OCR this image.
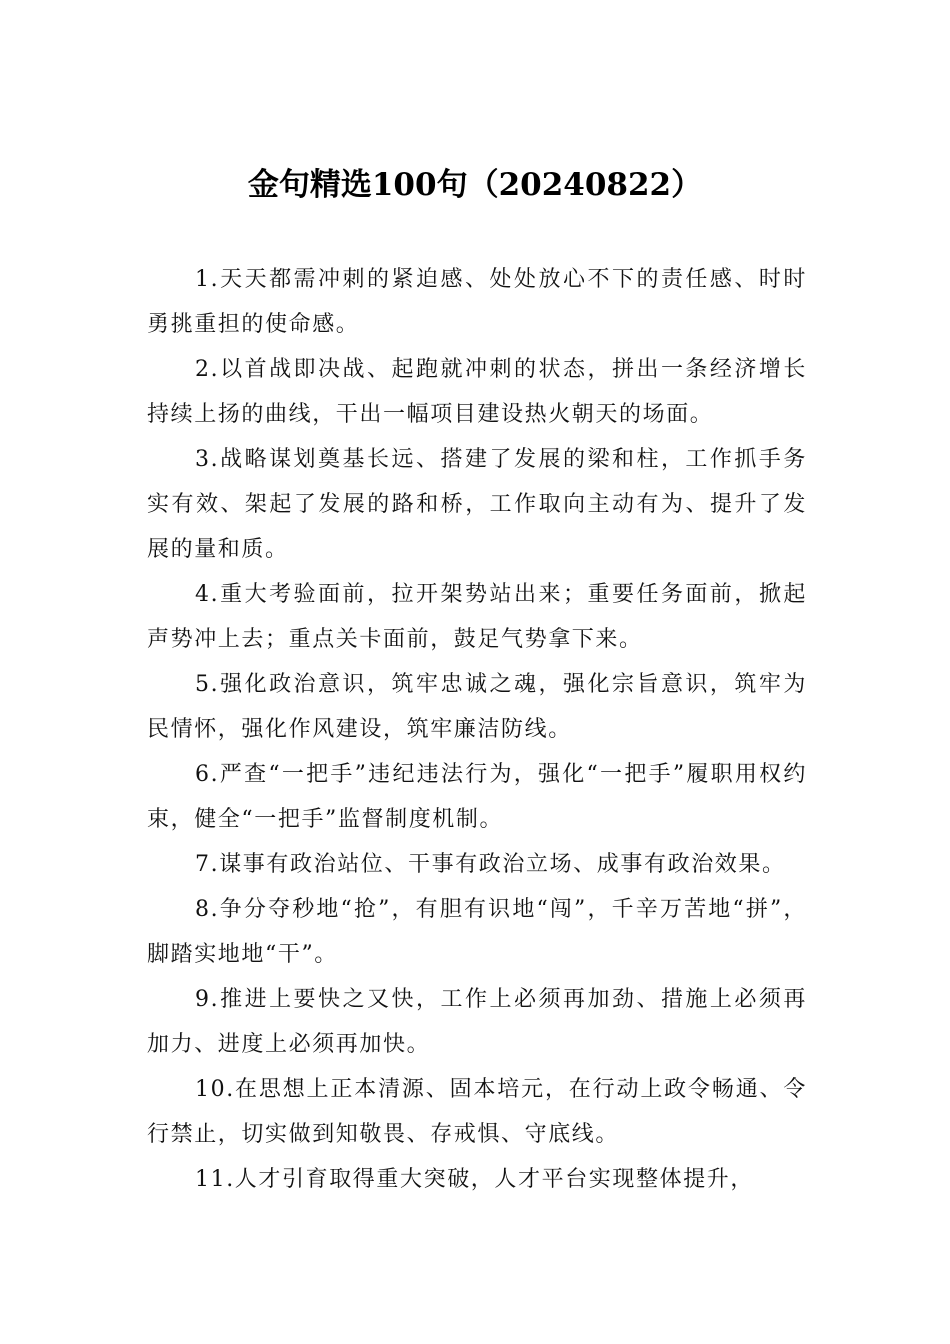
金句精选100句（20240822）

1.天天都需冲刺的紧迫感、处处放心不下的责任感、时时勇挑重担的使命感。

2.以首战即决战、起跑就冲刺的状态，拼出一条经济增长持续上扬的曲线，干出一幅项目建设热火朝天的场面。

3.战略谋划奠基长远、搭建了发展的梁和柱，工作抓手务实有效、架起了发展的路和桥，工作取向主动有为、提升了发展的量和质。

4.重大考验面前，拉开架势站出来；重要任务面前，掀起声势冲上去；重点关卡面前，鼓足气势拿下来。

5.强化政治意识，筑牢忠诚之魂，强化宗旨意识，筑牢为民情怀，强化作风建设，筑牢廉洁防线。

6.严查“一把手”违纪违法行为，强化“一把手”履职用权约束，健全“一把手”监督制度机制。

7.谋事有政治站位、干事有政治立场、成事有政治效果。

8.争分夺秒地“抢”，有胆有识地“闯”，千辛万苦地“拼”，脚踏实地地“干”。

9.推进上要快之又快，工作上必须再加劲、措施上必须再加力、进度上必须再加快。

10.在思想上正本清源、固本培元，在行动上政令畅通、令行禁止，切实做到知敬畏、存戒惧、守底线。

11.人才引育取得重大突破，人才平台实现整体提升，
